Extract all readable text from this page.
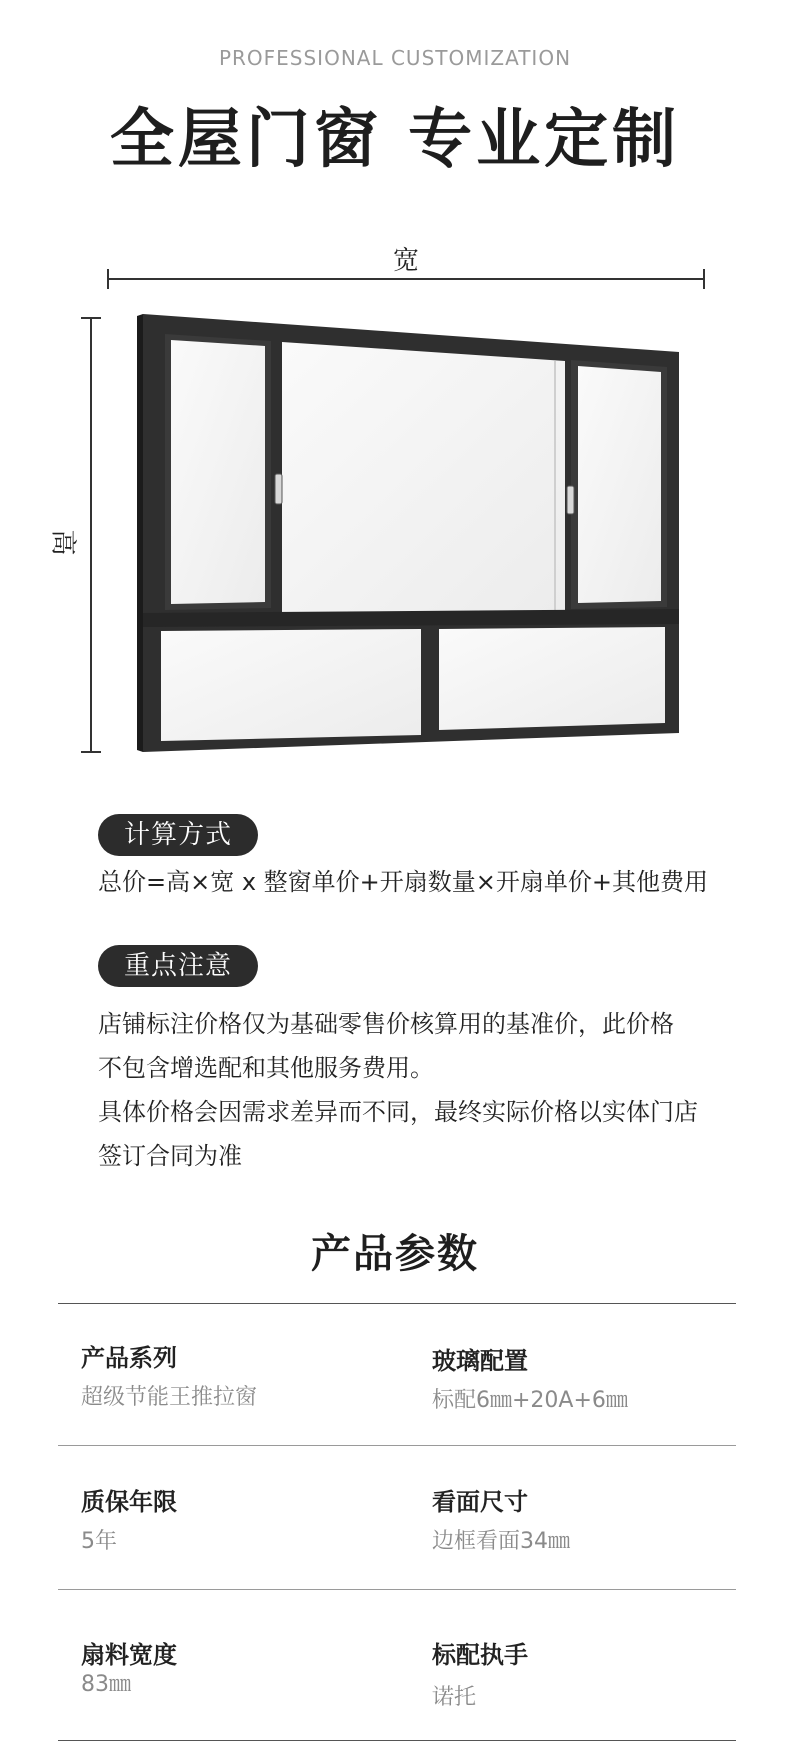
PROFESSIONAL CUSTOMIZATION
全屋门窗 专业定制
宽
高
计算方式
总价=高×宽 x 整窗单价+开扇数量×开扇单价+其他费用
重点注意
店铺标注价格仅为基础零售价核算用的基准价，此价格
不包含增选配和其他服务费用。
具体价格会因需求差异而不同，最终实际价格以实体门店
签订合同为准
产品参数
产品系列
超级节能王推拉窗
玻璃配置
标配6㎜+20A+6㎜
质保年限
5年
看面尺寸
边框看面34㎜
扇料宽度
83㎜
标配执手
诺托
